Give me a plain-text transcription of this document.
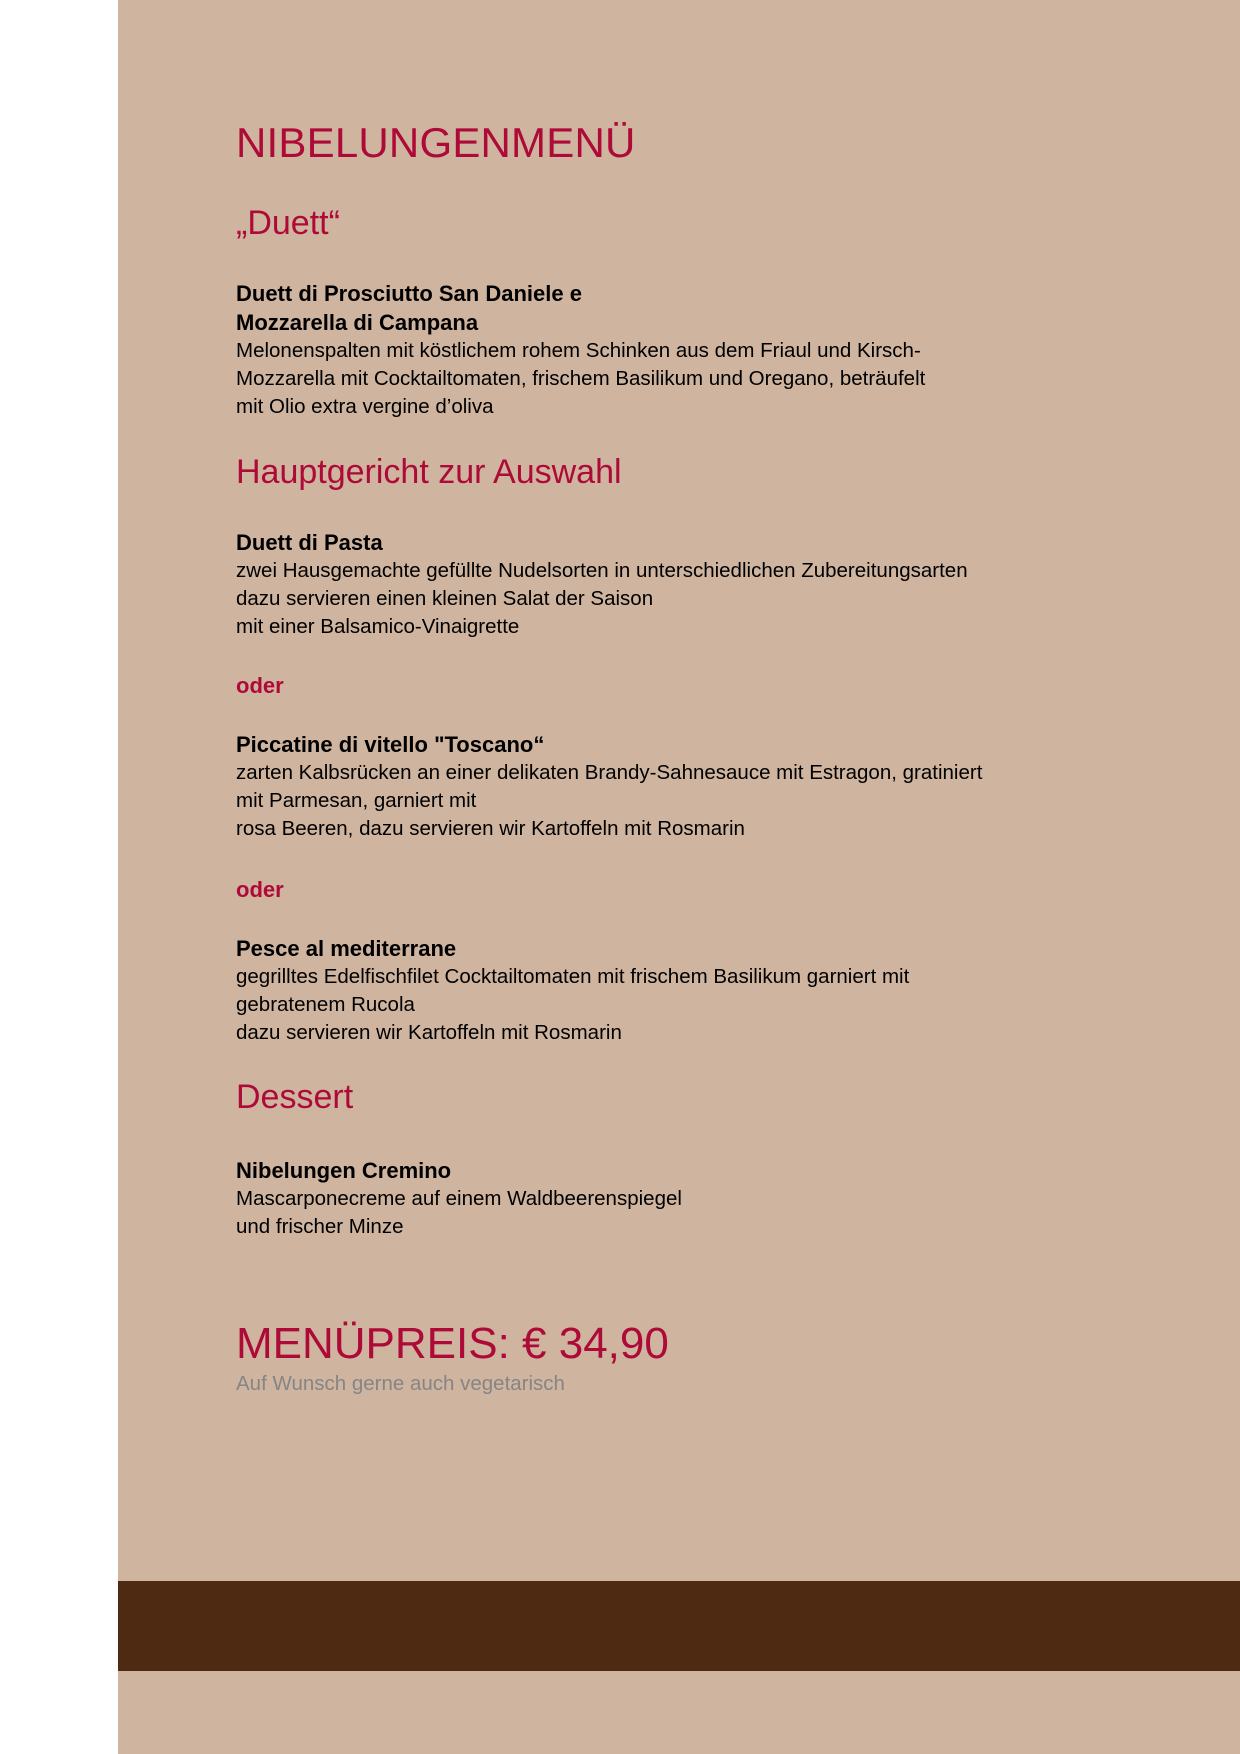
NIBELUNGENMENÜ

„Duett“

Duett di Prosciutto San Daniele e

Mozzarella di Campana

Melonenspalten mit köstlichem rohem Schinken aus dem Friaul und Kirsch-
Mozzarella mit Cocktailtomaten, frischem Basilikum und Oregano, beträufelt
mit Olio extra vergine d’oliva

Hauptgericht zur Auswahl

Duett di Pasta

zwei Hausgemachte gefüllte Nudelsorten in unterschiedlichen Zubereitungsarten
dazu servieren einen kleinen Salat der Saison
mit einer Balsamico-Vinaigrette

oder

Piccatine di vitello "Toscano“

zarten Kalbsrücken an einer delikaten Brandy-Sahnesauce mit Estragon, gratiniert
mit Parmesan, garniert mit
rosa Beeren, dazu servieren wir Kartoffeln mit Rosmarin

oder

Pesce al mediterrane

gegrilltes Edelfischfilet Cocktailtomaten mit frischem Basilikum garniert mit
gebratenem Rucola
dazu servieren wir Kartoffeln mit Rosmarin

Dessert

Nibelungen Cremino

Mascarponecreme auf einem Waldbeerenspiegel
und frischer Minze

MENÜPREIS: € 34,90

Auf Wunsch gerne auch vegetarisch
